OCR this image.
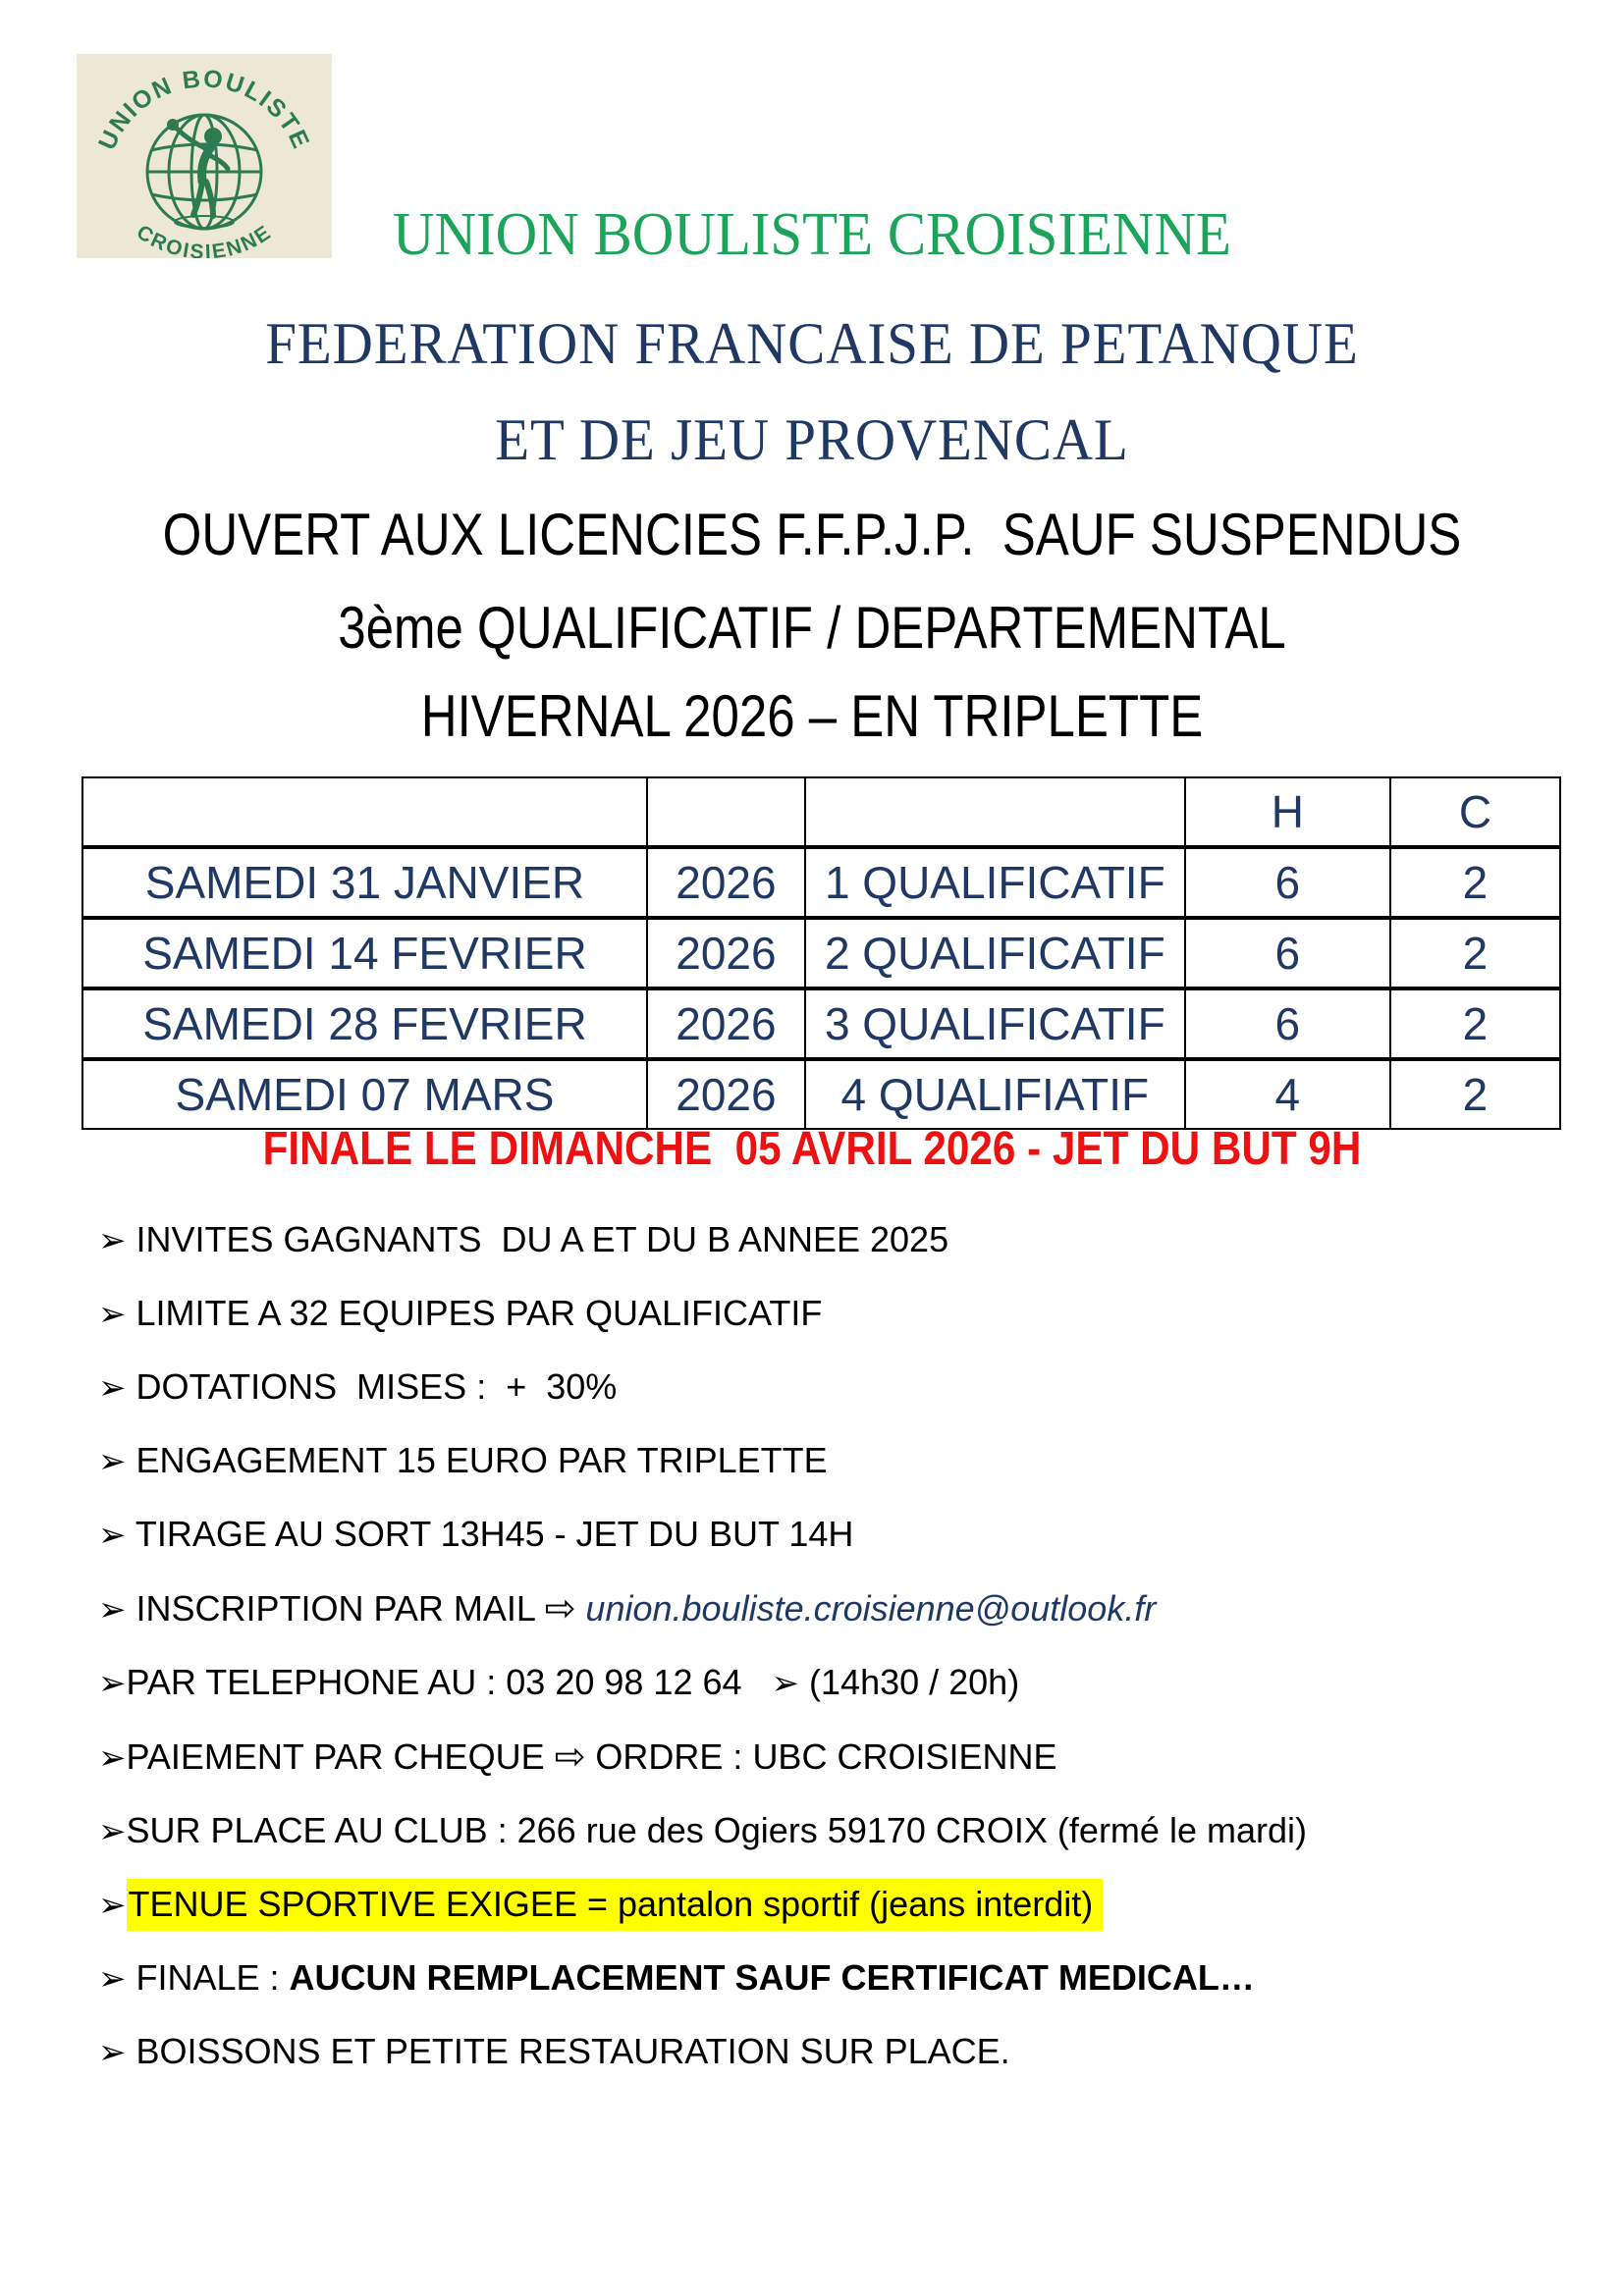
UNION BOULISTE
CROISIENNE	UNION BOULISTE CROISIENNE
FEDERATION FRANCAISE DE PETANQUE
ET DE JEU PROVENCAL
OUVERT AUX LICENCIES F.F.P.J.P.  SAUF SUSPENDUS
3ème QUALIFICATIF / DEPARTEMENTAL
HIVERNAL 2026 – EN TRIPLETTE
			H	C
SAMEDI 31 JANVIER	2026	1 QUALIFICATIF	6	2
SAMEDI 14 FEVRIER	2026	2 QUALIFICATIF	6	2
SAMEDI 28 FEVRIER	2026	3 QUALIFICATIF	6	2
SAMEDI 07 MARS	2026	4 QUALIFIATIF	4	2
FINALE LE DIMANCHE  05 AVRIL 2026 - JET DU BUT 9H
➢ INVITES GAGNANTS  DU A ET DU B ANNEE 2025
➢ LIMITE A 32 EQUIPES PAR QUALIFICATIF
➢ DOTATIONS  MISES :  +  30%
➢ ENGAGEMENT 15 EURO PAR TRIPLETTE
➢ TIRAGE AU SORT 13H45 - JET DU BUT 14H
➢ INSCRIPTION PAR MAIL ⇨ union.bouliste.croisienne@outlook.fr
➢PAR TELEPHONE AU : 03 20 98 12 64   ➢ (14h30 / 20h)
➢PAIEMENT PAR CHEQUE ⇨ ORDRE : UBC CROISIENNE
➢SUR PLACE AU CLUB : 266 rue des Ogiers 59170 CROIX (fermé le mardi)
➢TENUE SPORTIVE EXIGEE = pantalon sportif (jeans interdit)
➢ FINALE : AUCUN REMPLACEMENT SAUF CERTIFICAT MEDICAL…
➢ BOISSONS ET PETITE RESTAURATION SUR PLACE.
